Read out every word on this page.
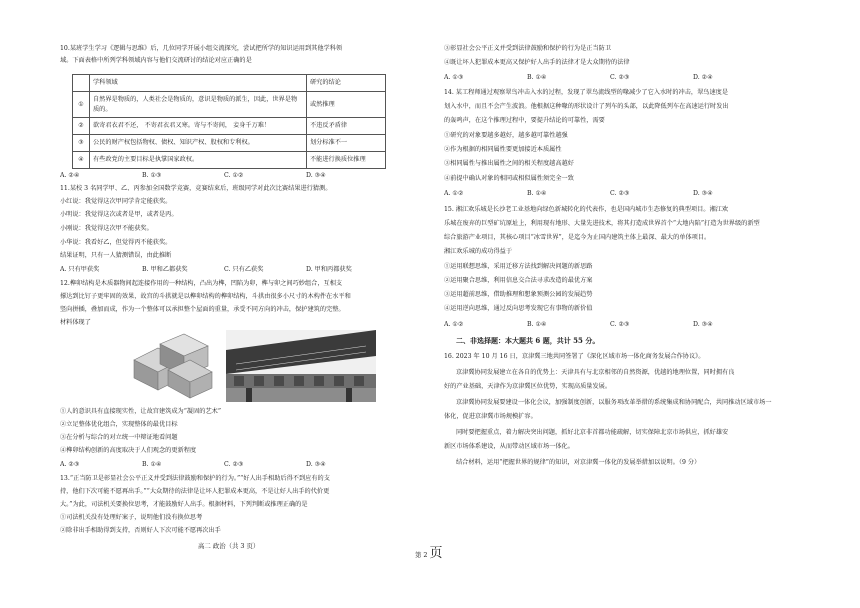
10.某班学生学习《逻辑与思维》后，几位同学开展小组交流探究，尝试把所学的知识运用到其他学科领
域。下面表格中所列学科领域内容与他们交流研讨的结论对应正确的是
	学科领域	研究的结论
①	自然界是物质的，人类社会是物质的，意识是物质的派生，因此，世界是物质的。	或然推理
②	欲寄君衣君不还， 不寄君衣君又寒。寄与不寄间， 妾身千万难！	不违反矛盾律
③	公民的财产权包括物权、债权、知识产权、股权和专利权。	划分标准不一
④	有些政党的主要目标是执掌国家政权。	不能进行换质位推理
A. ②④	B. ①③	C. ①②	D. ③④
11.某校 3 名同学甲、乙、丙参加全国数学竞赛，竞赛结束后，班级同学对此次比赛结果进行猜测。
小红说：我觉得这次甲同学肯定能获奖。
小明说：我觉得这次或者是甲，或者是丙。
小刚说：我觉得这次甲不能获奖。
小华说：我看好乙，但觉得丙不能获奖。
结果证明，只有一人猜测错误，由此推断
A. 只有甲获奖	B. 甲和乙都获奖	C. 只有乙获奖	D. 甲和丙都获奖
12.榫卯结构是木质器物间起连接作用的一种结构，凸出为榫，凹陷为卯，榫与卯之间巧妙组合，互相支
撑达到比钉子更牢固的效果，故宫的斗拱就是以榫卯结构的榫卯结构，斗拱由很多小尺寸的木构件在水平和
竖向拼插，叠加而成，作为一个整体可以承担整个屋面的重量，承受不同方向的冲击，保护建筑的完整。
材料体现了
①人的意识具有直接现实性，让故宫建筑成为“凝固的艺术”
②立足整体优化组合，实现整体的最优目标
③在分析与综合的对立统一中辩证地看问题
④榫卯结构创新的高度取决于人们观念的更新程度
A. ②③	B. ①④	C. ②③	D. ③④
13.“正当防卫是彰显社会公平正义并受到法律鼓励和保护的行为。”“好人出手相助后得不到应有的支
持，他们下次可能不愿再出手。”“大众期待的法律是让坏人犯罪成本更高，不是让好人出手的代价更
大。”为此，司法机关要换位思考，才能鼓励好人出手。根据材料，下列判断或推理正确的是
①司法机关没有处理好案子，说明他们没有换位思考
②除非出手相助得到支持，否则好人下次可能不愿再次出手
高二 政治（共 3 页）
③彰显社会公平正义并受到法律鼓励和保护的行为是正当防卫
④既让坏人犯罪成本更高又保护好人出手的法律才是大众期待的法律
A. ①③	B. ①④	C. ②③	D. ②④
14. 某工程师通过观察翠鸟冲击入水的过程，发现了翠鸟流线型的喙减少了它入水时的冲击，翠鸟速度是
划入水中，而且不会产生波浪。他根据这种喙的形状设计了列车的头部，以此降低列车在高速运行时发出
的轰鸣声，在这个推理过程中，要提升结论的可靠性，需要
①研究的对象要越多越好，越多越可靠性越强
②作为根据的相同属性要更加接近本质属性
③相同属性与推出属性之间的相关程度越高越好
④前提中确认对象的相同或相似属性须完全一致
A. ①②	B. ①④	C. ②③	D. ③④
15. 湘江欢乐城是长沙老工业基地向绿色新城转化的代表作，也是国内城市生态修复的典型项目。湘江欢
乐城在废弃的巨型矿坑原址上，利用现有地形、大量先进技术，将其打造成世界首个“大地内陷”打造为世界级的新型
综合旅游产业项目，其核心项目“冰雪世界”，是迄今为止国内建筑主体上最深、最大的单体项目。
湘江欢乐城的成功得益于
①运用联想思维，采用迁移方法找到解决问题的新思路
②运用聚合思维，利用信息交合法寻求改造的最优方案
③运用超前思维，借助推理和想象预测公园的发展趋势
④运用逆向思维，通过反向思考发现它有事物的新价值
A. ①②	B. ①④	C. ②③	D. ③④
二、非选择题：本大题共 6 题，共计 55 分。
16. 2023 年 10 月 16 日，京津冀三地共同签署了《深化区域市场一体化商务发展合作协议》。
京津冀协同发展建立在各自的优势上：天津具有与北京相邻的自然资源，优越的地理位置，同时拥有良
好的产业基础，天津作为京津冀区位优势，实现高质量发展。
京津冀协同发展要建设一体化会议，加强制度创新，以服务项改革举措的系统集成和协同配合，共同推动区域市场一
体化，促进京津冀市场规模扩容。
同时要把握重点，着力解决突出问题，抓好北京非首都功能疏解，切实保障北京市场供应，抓好雄安
新区市场体系建设，从而带动区域市场一体化。
结合材料，运用“把握世界的规律”的知识，对京津冀一体化的发展举措加以说明。（9 分）
第 2 页
